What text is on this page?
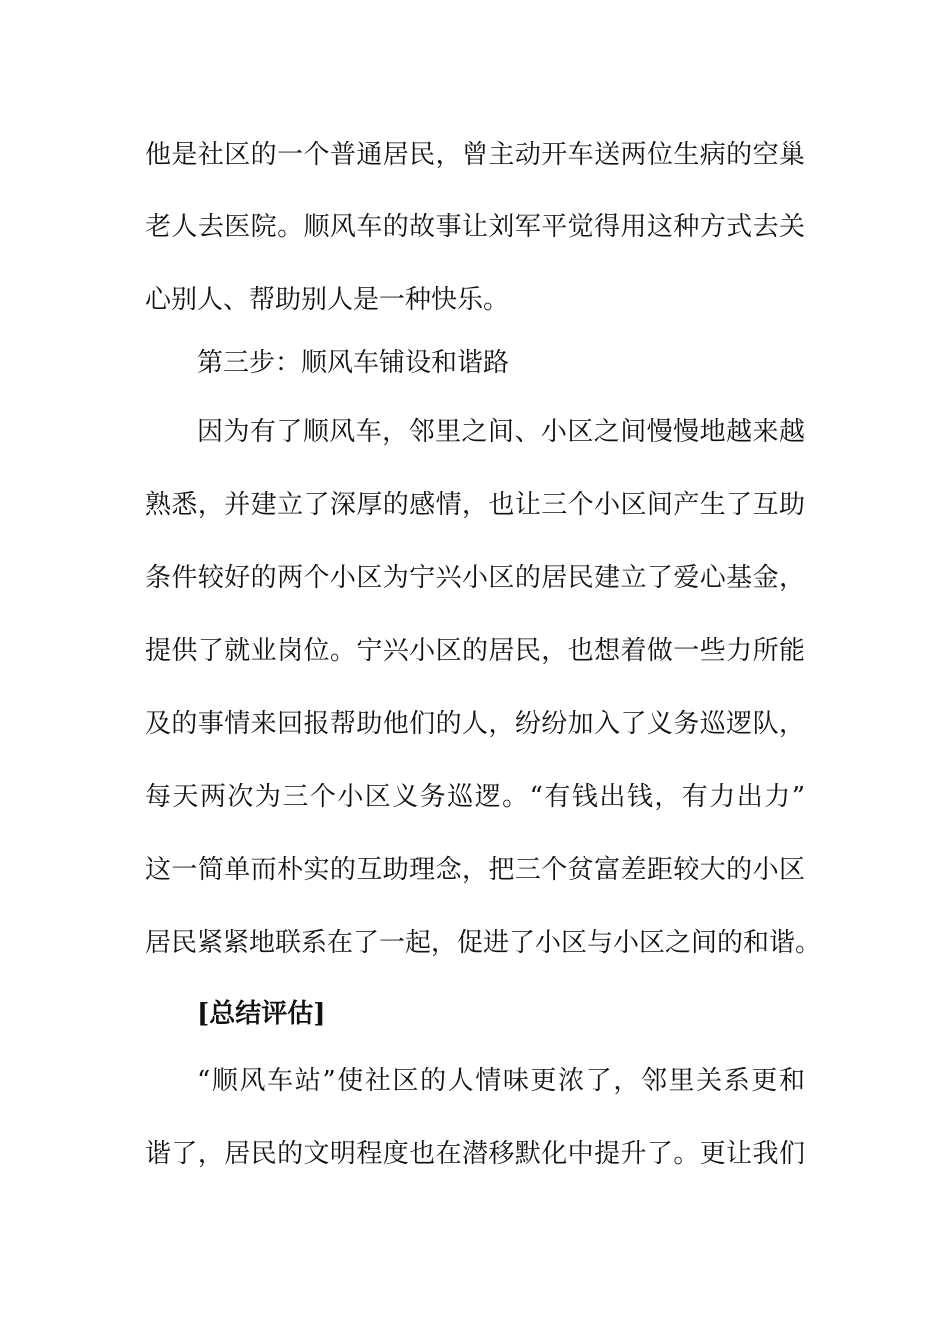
他是社区的一个普通居民，曾主动开车送两位生病的空巢
老人去医院。顺风车的故事让刘军平觉得用这种方式去关
心别人、帮助别人是一种快乐。
第三步：顺风车铺设和谐路
因为有了顺风车，邻里之间、小区之间慢慢地越来越
熟悉，并建立了深厚的感情，也让三个小区间产生了互助
条件较好的两个小区为宁兴小区的居民建立了爱心基金，
提供了就业岗位。宁兴小区的居民，也想着做一些力所能
及的事情来回报帮助他们的人，纷纷加入了义务巡逻队，
每天两次为三个小区义务巡逻。“有钱出钱，有力出力”
这一简单而朴实的互助理念，把三个贫富差距较大的小区
居民紧紧地联系在了一起，促进了小区与小区之间的和谐。
[总结评估]
“顺风车站”使社区的人情味更浓了，邻里关系更和
谐了，居民的文明程度也在潜移默化中提升了。更让我们
